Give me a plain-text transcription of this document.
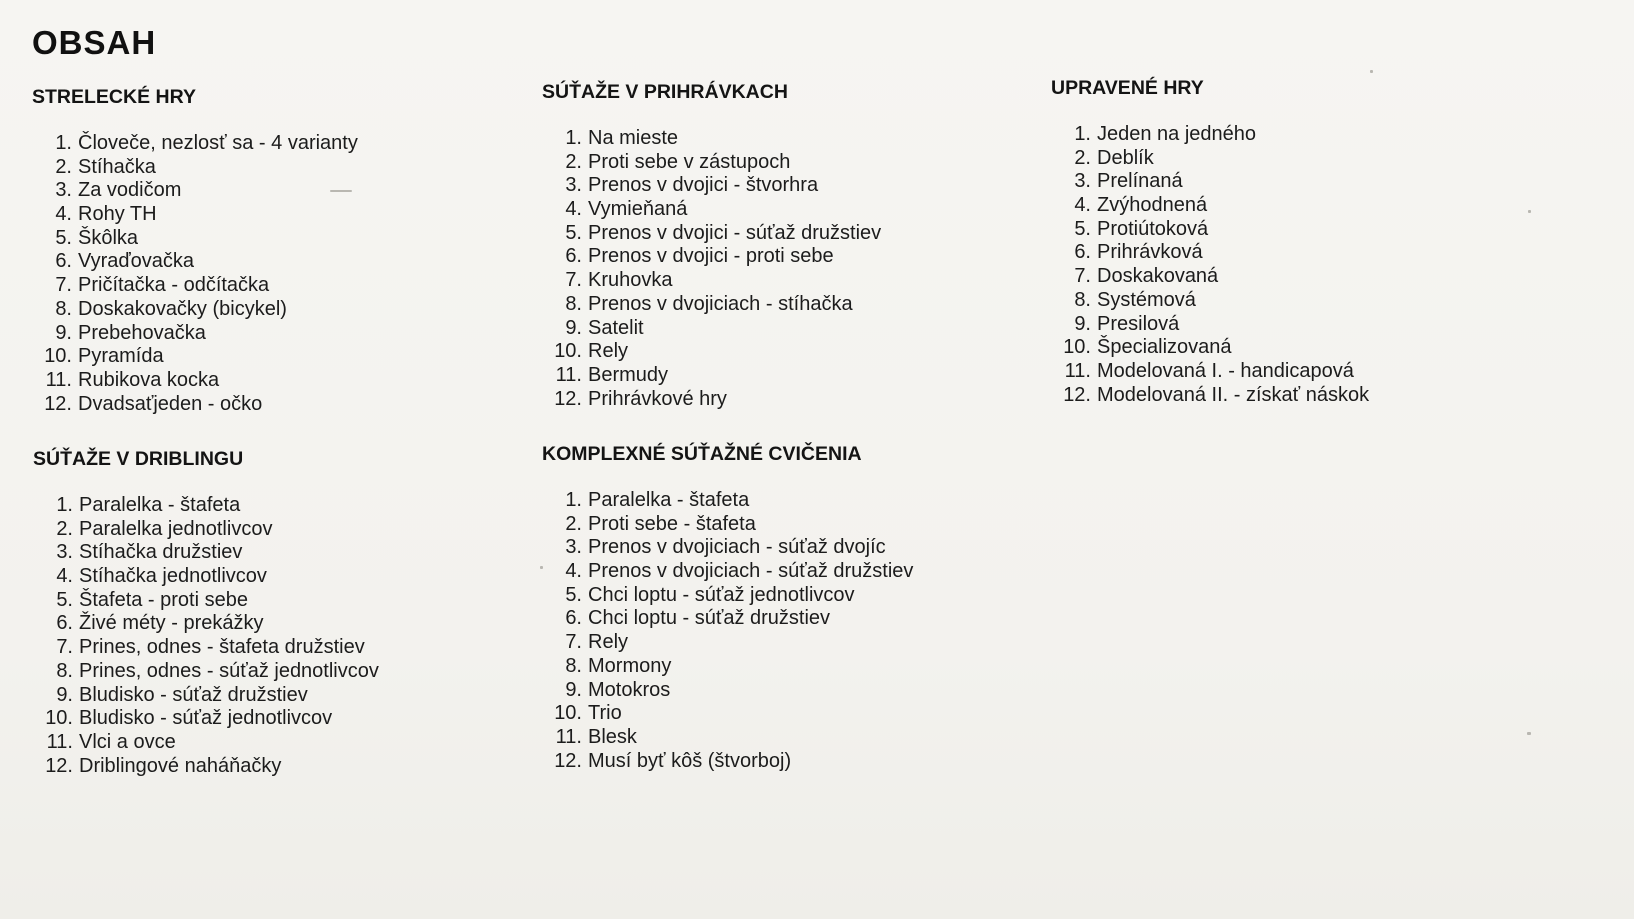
OBSAH
STRELECKÉ HRY
1. Človeče, nezlosť sa - 4 varianty
2. Stíhačka
3. Za vodičom
4. Rohy TH
5. Škôlka
6. Vyraďovačka
7. Pričítačka - odčítačka
8. Doskakovačky (bicykel)
9. Prebehovačka
10. Pyramída
11. Rubikova kocka
12. Dvadsaťjeden - očko
SÚŤAŽE V DRIBLINGU
1. Paralelka - štafeta
2. Paralelka jednotlivcov
3. Stíhačka družstiev
4. Stíhačka jednotlivcov
5. Štafeta - proti sebe
6. Živé méty - prekážky
7. Prines, odnes - štafeta družstiev
8. Prines, odnes - súťaž jednotlivcov
9. Bludisko - súťaž družstiev
10. Bludisko - súťaž jednotlivcov
11. Vlci a ovce
12. Driblingové naháňačky
SÚŤAŽE V PRIHRÁVKACH
1. Na mieste
2. Proti sebe v zástupoch
3. Prenos v dvojici - štvorhra
4. Vymieňaná
5. Prenos v dvojici - súťaž družstiev
6. Prenos v dvojici - proti sebe
7. Kruhovka
8. Prenos v dvojiciach - stíhačka
9. Satelit
10. Rely
11. Bermudy
12. Prihrávkové hry
KOMPLEXNÉ SÚŤAŽNÉ CVIČENIA
1. Paralelka - štafeta
2. Proti sebe - štafeta
3. Prenos v dvojiciach - súťaž dvojíc
4. Prenos v dvojiciach - súťaž družstiev
5. Chci loptu - súťaž jednotlivcov
6. Chci loptu - súťaž družstiev
7. Rely
8. Mormony
9. Motokros
10. Trio
11. Blesk
12. Musí byť kôš (štvorboj)
UPRAVENÉ HRY
1. Jeden na jedného
2. Deblík
3. Prelínaná
4. Zvýhodnená
5. Protiútoková
6. Prihrávková
7. Doskakovaná
8. Systémová
9. Presilová
10. Špecializovaná
11. Modelovaná I. - handicapová
12. Modelovaná II. - získať náskok
